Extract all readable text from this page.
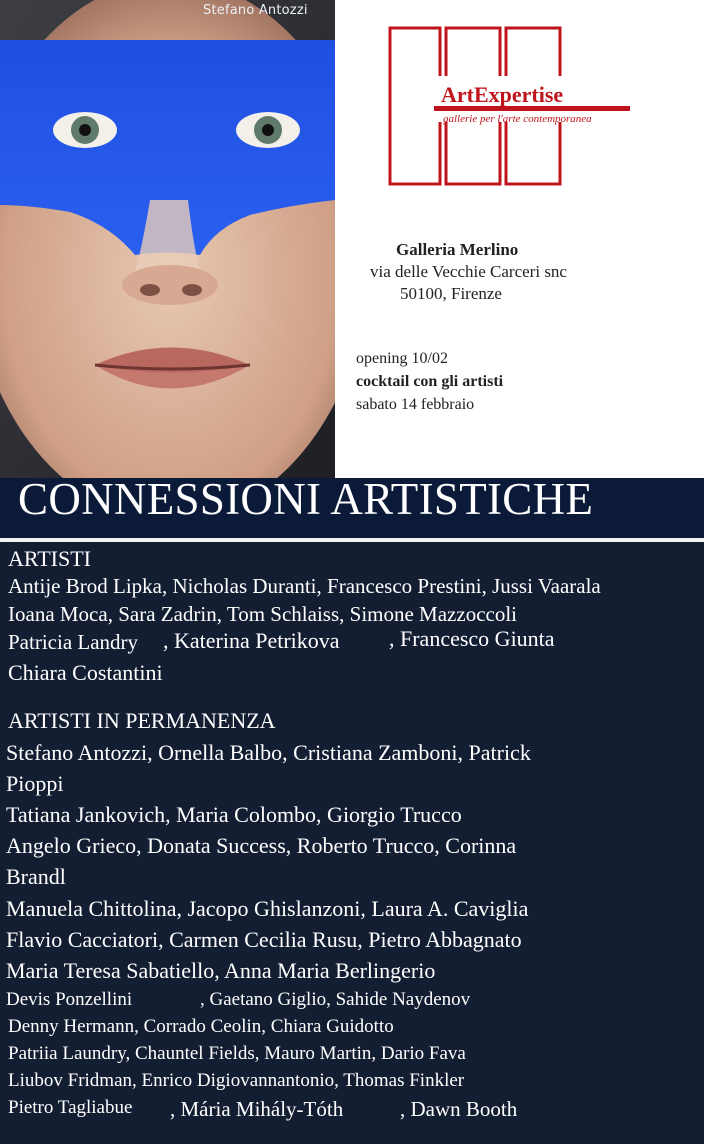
Stefano Antozzi
ArtExpertise
gallerie per l'arte contemporanea
Galleria Merlino
via delle Vecchie Carceri snc
50100, Firenze
opening 10/02
cocktail con gli artisti
sabato 14 febbraio
CONNESSIONI ARTISTICHE
ARTISTI
Antije Brod Lipka, Nicholas Duranti, Francesco Prestini, Jussi Vaarala
Ioana Moca, Sara Zadrin, Tom Schlaiss, Simone Mazzoccoli
Patricia Landry , Katerina Petrikova , Francesco Giunta
Chiara Costantini
ARTISTI IN PERMANENZA
Stefano Antozzi, Ornella Balbo, Cristiana Zamboni, Patrick
Pioppi
Tatiana Jankovich, Maria Colombo, Giorgio Trucco
Angelo Grieco, Donata Success, Roberto Trucco, Corinna
Brandl
Manuela Chittolina, Jacopo Ghislanzoni, Laura A. Caviglia
Flavio Cacciatori, Carmen Cecilia Rusu, Pietro Abbagnato
Maria Teresa Sabatiello, Anna Maria Berlingerio
Devis Ponzellini	, Gaetano Giglio, Sahide Naydenov
Denny Hermann, Corrado Ceolin, Chiara Guidotto
Patriia Laundry, Chauntel Fields, Mauro Martin, Dario Fava
Liubov Fridman, Enrico Digiovannantonio, Thomas Finkler
Pietro Tagliabue , Mária Mihály-Tóth	, Dawn Booth
